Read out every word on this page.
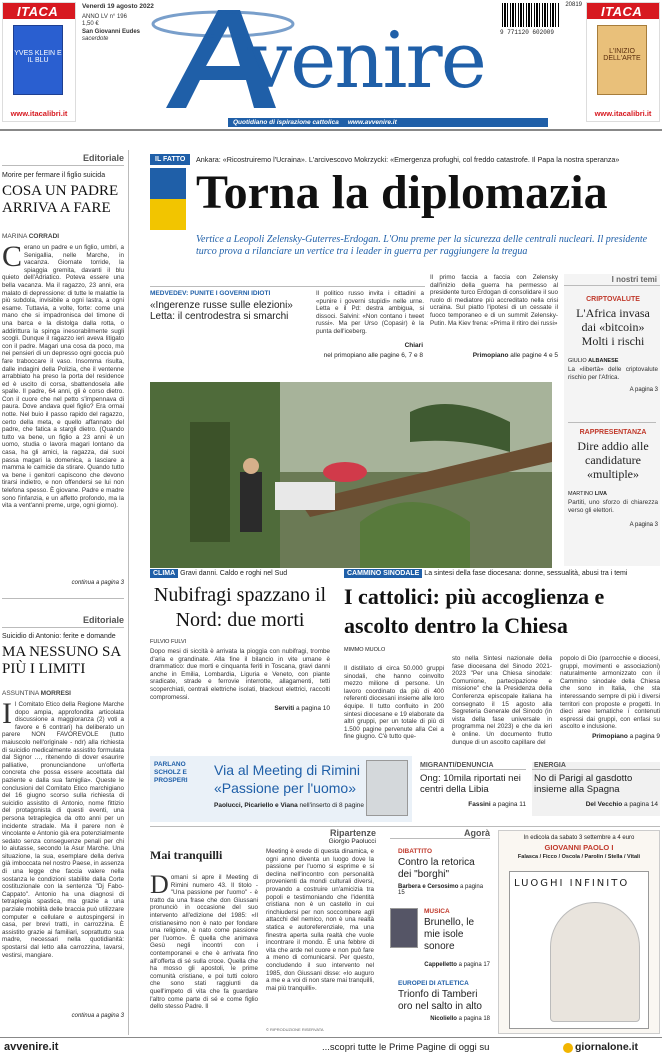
ITACA
YVES KLEIN E IL BLU
www.itacalibri.it
Venerdì 19 agosto 2022
ANNO LV n° 196
1,50 €
San Giovanni Eudes
sacerdote	venire
Quotidiano di ispirazione cattolica     www.avvenire.it
20819
9 771120 602009
ITACA
L'INIZIO DELL'ARTE
www.itacalibri.it
Editoriale
Morire per fermare il figlio suicida
COSA UN PADRE ARRIVA A FARE
MARINA CORRADI
Cerano un padre e un figlio, umbri, a Senigallia, nelle Marche, in vacanza. Giornate torride, la spiaggia gremita, davanti il blu quieto dell'Adriatico. Poteva essere una bella vacanza. Ma il ragazzo, 23 anni, era malato di depressione: di tutte le malattie la più subdola, invisibile a ogni lastra, a ogni esame. Tuttavia, a volte, forte: come una mano che si impadronisca del timone di una barca e la distolga dalla rotta, o addirittura la spinga inesorabilmente sugli scogli. Dunque il ragazzo ieri aveva litigato con il padre. Magari una cosa da poco, ma nei pensieri di un depresso ogni goccia può fare traboccare il vaso. Insomma risulta, dalle indagini della Polizia, che il ventenne arrabbiato ha preso la porta del residence ed è uscito di corsa, sbattendosela alle spalle. Il padre, 64 anni, gli è corso dietro. Con il cuore che nel petto s'impennava di paura. Dove andava quel figlio? Era ormai notte. Nel buio il passo rapido del ragazzo, certo della meta, e quello affannato del padre, che fatica a stargli dietro. (Quando tutto va bene, un figlio a 23 anni è un uomo, studia o lavora magari lontano da casa, ha gli amici, la ragazza, dai suoi passa magari la domenica, a lasciare a mamma le camicie da stirare. Quando tutto va bene i genitori capiscono che devono tirarsi indietro, e non offendersi se lui non telefona spesso. È giovane. Padre e madre sono l'infanzia, e un affetto profondo, ma la vita a vent'anni preme, urge, ogni giorno).
continua a pagina 3
Editoriale
Suicidio di Antonio: ferite e domande
MA NESSUNO SA PIÙ I LIMITI
ASSUNTINA MORRESI
Il Comitato Etico della Regione Marche dopo ampia, approfondita articolata discussione a maggioranza (2) voti a favore e 6 contrari) ha deliberato un parere NON FAVOREVOLE (tutto maiuscolo nell'originale - ndr) alla richiesta di suicidio medicalmente assistito formulata dal Signor …, ritenendo di dover esaurire palliative, pronunciandone un'offerta concreta che possa essere accettata dal paziente e dalla sua famiglia». Queste le conclusioni del Comitato Etico marchigiano del 16 giugno scorso sulla richiesta di suicidio assistito di Antonio, nome fittizio del protagonista di questi eventi, una persona tetraplegica da otto anni per un incidente stradale. Ma il parere non è vincolante e Antonio già era potenzialmente sedato senza conseguenze penali per chi lo aiutasse, secondo la Asur Marche. Una situazione, la sua, esemplare della deriva già imboccata nel nostro Paese, in assenza di una legge che faccia valere nella sostanza le condizioni stabilite dalla Corte costituzionale con la sentenza "Dj Fabo-Cappato". Antonio ha una diagnosi di tetraplegia spastica, ma grazie a una parziale mobilità delle braccia può utilizzare computer e cellulare e autospingersi in casa, per brevi tratti, in carrozzina. È assistito grazie ai familiari, soprattutto sua madre, necessari nella quotidianità: spostarsi dal letto alla carrozzina, lavarsi, vestirsi, mangiare.
continua a pagina 3
IL FATTO	Ankara: «Ricostruiremo l'Ucraina». L'arcivescovo Mokrzycki: «Emergenza profughi, col freddo catastrofe. Il Papa la nostra speranza»
Torna la diplomazia
Vertice a Leopoli Zelensky-Guterres-Erdogan. L'Onu preme per la sicurezza delle centrali nucleari. Il presidente turco prova a rilanciare un vertice tra i leader in guerra per raggiungere la tregua
MEDVEDEV: PUNITE I GOVERNI IDIOTI
«Ingerenze russe sulle elezioni»
Letta: il centrodestra si smarchi
Il politico russo invita i cittadini a «punire i governi stupidi» nelle urne. Letta e il Pd: destra ambigua, si dissoci. Salvini: «Non contano i tweet russi». Ma per Urso (Copasir) è la punta dell'iceberg.
Chiari
nel primopiano alle pagine 6, 7 e 8
Il primo faccia a faccia con Zelensky dall'inizio della guerra ha permesso al presidente turco Erdogan di consolidare il suo ruolo di mediatore più accreditato nella crisi ucraina. Sul piatto l'ipotesi di un cessate il fuoco temporaneo e di un summit Zelensky-Putin. Ma Kiev frena: «Prima il ritiro dei russi»
Primopiano alle pagine 4 e 5
I nostri temi
CRIPTOVALUTE
L'Africa invasa dai «bitcoin» Molti i rischi
GIULIO ALBANESE
La «libertà» delle criptovalute rischio per l'Africa.
A pagina 3
RAPPRESENTANZA
Dire addio alle candidature «multiple»
MARTINO LIVA
Partiti, uno sforzo di chiarezza verso gli elettori.
A pagina 3
CLIMA Gravi danni. Caldo e roghi nel Sud
Nubifragi spazzano il Nord: due morti
FULVIO FULVI
Dopo mesi di siccità è arrivata la pioggia con nubifragi, trombe d'aria e grandinate. Alla fine il bilancio in vite umane è drammatico: due morti e cinquanta feriti in Toscana, gravi danni anche in Emilia, Lombardia, Liguria e Veneto, con piante sradicate, strade e ferrovie interrotte, allagamenti, tetti scoperchiati, centrali elettriche isolati, blackout elettrici, raccolti compromessi.
Serviti a pagina 10
CAMMINO SINODALE La sintesi della fase diocesana: donne, sessualità, abusi tra i temi
I cattolici: più accoglienza e ascolto dentro la Chiesa
MIMMO MUOLO
Il distillato di circa 50.000 gruppi sinodali, che hanno coinvolto mezzo milione di persone. Un lavoro coordinato da più di 400 referenti diocesani insieme alle loro équipe. Il tutto confluito in 200 sintesi diocesane e 19 elaborate da altri gruppi, per un totale di più di 1.500 pagine pervenute alla Cei a fine giugno. C'è tutto que-
sto nella Sintesi nazionale della fase diocesana del Sinodo 2021-2023 "Per una Chiesa sinodale: Comunione, partecipazione e missione" che la Presidenza della Conferenza episcopale italiana ha consegnato il 15 agosto alla Segreteria Generale del Sinodo (in vista della fase universale in programma nel 2023) e che da ieri è online. Un documento frutto dunque di un ascolto capillare del
popolo di Dio (parrocchie e diocesi, gruppi, movimenti e associazioni) naturalmente armonizzato con il Cammino sinodale della Chiesa che sono in Italia, che sta interessando sempre di più i diversi territori con proposte e progetti. In dieci aree tematiche i contenuti espressi dai gruppi, con enfasi su ascolto e inclusione.
Primopiano a pagina 9
PARLANO SCHOLZ E PROSPERI
Via al Meeting di Rimini
«Passione per l'uomo»
Paolucci, Picariello e Viana nell'inserto di 8 pagine
MIGRANTI/DENUNCIA
Ong: 10mila riportati nei centri della Libia
Fassini a pagina 11
ENERGIA
No di Parigi al gasdotto insieme alla Spagna
Del Vecchio a pagina 14
Ripartenze
Giorgio Paolucci
Mai tranquilli
Domani si apre il Meeting di Rimini numero 43. Il titolo - "Una passione per l'uomo" - è tratto da una frase che don Giussani pronunciò in occasione del suo intervento all'edizione del 1985: «Il cristianesimo non è nato per fondare una religione, è nato come passione per l'uomo». È quella che animava Gesù negli incontri con i contemporanei e che è arrivata fino all'offerta di sé sulla croce. Quella che ha mosso gli apostoli, le prime comunità cristiane, e poi tutti coloro che sono stati raggiunti da quell'impeto di vita che fa guardare l'altro come parte di sé e come figlio dello stesso Padre. Il
Meeting è erede di questa dinamica, e ogni anno diventa un luogo dove la passione per l'uomo si esprime e si declina nell'incontro con personalità provenienti da mondi culturali diversi, provando a costruire un'amicizia tra popoli e testimoniando che l'identità cristiana non è un castello in cui rinchiudersi per non soccombere agli attacchi del nemico, non è una realtà statica e autoreferenziale, ma una finestra aperta sulla realtà che vuole incontrare il mondo. È una febbre di vita che arde nel cuore e non può fare a meno di comunicarsi. Per questo, concludendo il suo intervento nel 1985, don Giussani disse: «Io auguro a me e a voi di non stare mai tranquilli, mai più tranquilli».
© RIPRODUZIONE RISERVATA
Agorà
DIBATTITO
Contro la retorica dei "borghi"
Barbera e Cersosimo a pagina 15
MUSICA
Brunello, le mie isole sonore
Cappelletto a pagina 17
EUROPEI DI ATLETICA
Trionfo di Tamberi oro nel salto in alto
Nicoliello a pagina 18
In edicola da sabato 3 settembre a 4 euro
GIOVANNI PAOLO I
Falasca / Ficco / Oscola / Parolin / Stella / Vitali
LUOGHI INFINITO
avvenire.it	...scopri tutte le Prime Pagine di oggi su	giornalone.it
